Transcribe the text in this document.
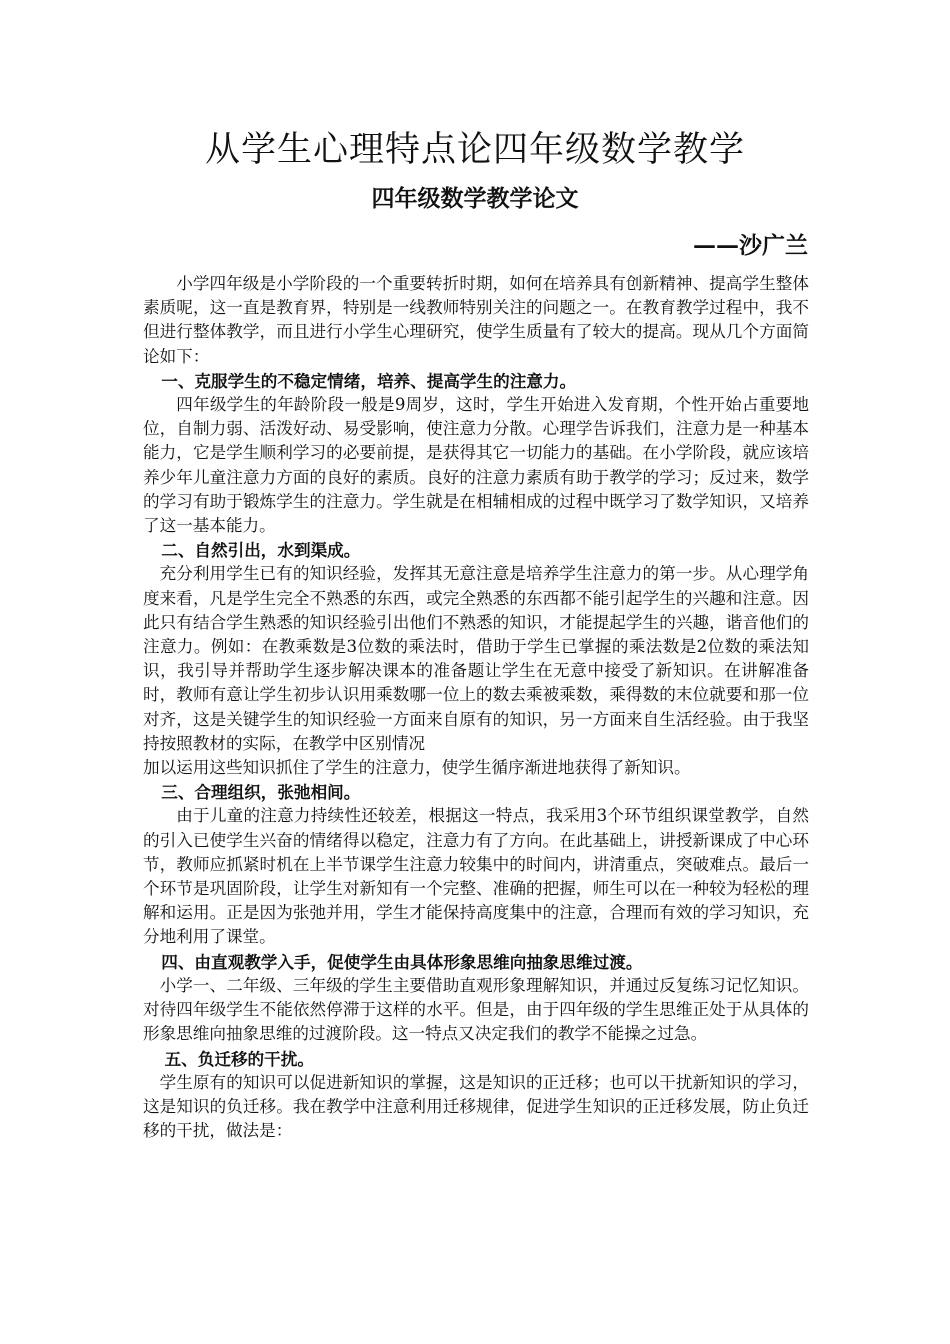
从学生心理特点论四年级数学教学
四年级数学教学论文
——沙广兰

小学四年级是小学阶段的一个重要转折时期，如何在培养具有创新精神、提高学生整体素质呢，这一直是教育界，特别是一线教师特别关注的问题之一。在教育教学过程中，我不但进行整体教学，而且进行小学生心理研究，使学生质量有了较大的提高。现从几个方面简论如下：

一、克服学生的不稳定情绪，培养、提高学生的注意力。

四年级学生的年龄阶段一般是9周岁，这时，学生开始进入发育期，个性开始占重要地位，自制力弱、活泼好动、易受影响，使注意力分散。心理学告诉我们，注意力是一种基本能力，它是学生顺利学习的必要前提，是获得其它一切能力的基础。在小学阶段，就应该培养少年儿童注意力方面的良好的素质。良好的注意力素质有助于教学的学习；反过来，数学的学习有助于锻炼学生的注意力。学生就是在相辅相成的过程中既学习了数学知识，又培养了这一基本能力。

二、自然引出，水到渠成。

充分利用学生已有的知识经验，发挥其无意注意是培养学生注意力的第一步。从心理学角度来看，凡是学生完全不熟悉的东西，或完全熟悉的东西都不能引起学生的兴趣和注意。因此只有结合学生熟悉的知识经验引出他们不熟悉的知识，才能提起学生的兴趣，谐音他们的注意力。例如：在教乘数是3位数的乘法时，借助于学生已掌握的乘法数是2位数的乘法知识，我引导并帮助学生逐步解决课本的准备题让学生在无意中接受了新知识。在讲解准备时，教师有意让学生初步认识用乘数哪一位上的数去乘被乘数，乘得数的末位就要和那一位对齐，这是关键学生的知识经验一方面来自原有的知识，另一方面来自生活经验。由于我坚持按照教材的实际，在教学中区别情况

加以运用这些知识抓住了学生的注意力，使学生循序渐进地获得了新知识。

三、合理组织，张弛相间。

由于儿童的注意力持续性还较差，根据这一特点，我采用3个环节组织课堂教学，自然的引入已使学生兴奋的情绪得以稳定，注意力有了方向。在此基础上，讲授新课成了中心环节，教师应抓紧时机在上半节课学生注意力较集中的时间内，讲清重点，突破难点。最后一个环节是巩固阶段，让学生对新知有一个完整、准确的把握，师生可以在一种较为轻松的理解和运用。正是因为张弛并用，学生才能保持高度集中的注意，合理而有效的学习知识，充分地利用了课堂。

四、由直观教学入手，促使学生由具体形象思维向抽象思维过渡。

小学一、二年级、三年级的学生主要借助直观形象理解知识，并通过反复练习记忆知识。对待四年级学生不能依然停滞于这样的水平。但是，由于四年级的学生思维正处于从具体的形象思维向抽象思维的过渡阶段。这一特点又决定我们的教学不能操之过急。

五、负迁移的干扰。

学生原有的知识可以促进新知识的掌握，这是知识的正迁移；也可以干扰新知识的学习，这是知识的负迁移。我在教学中注意利用迁移规律，促进学生知识的正迁移发展，防止负迁移的干扰，做法是：
